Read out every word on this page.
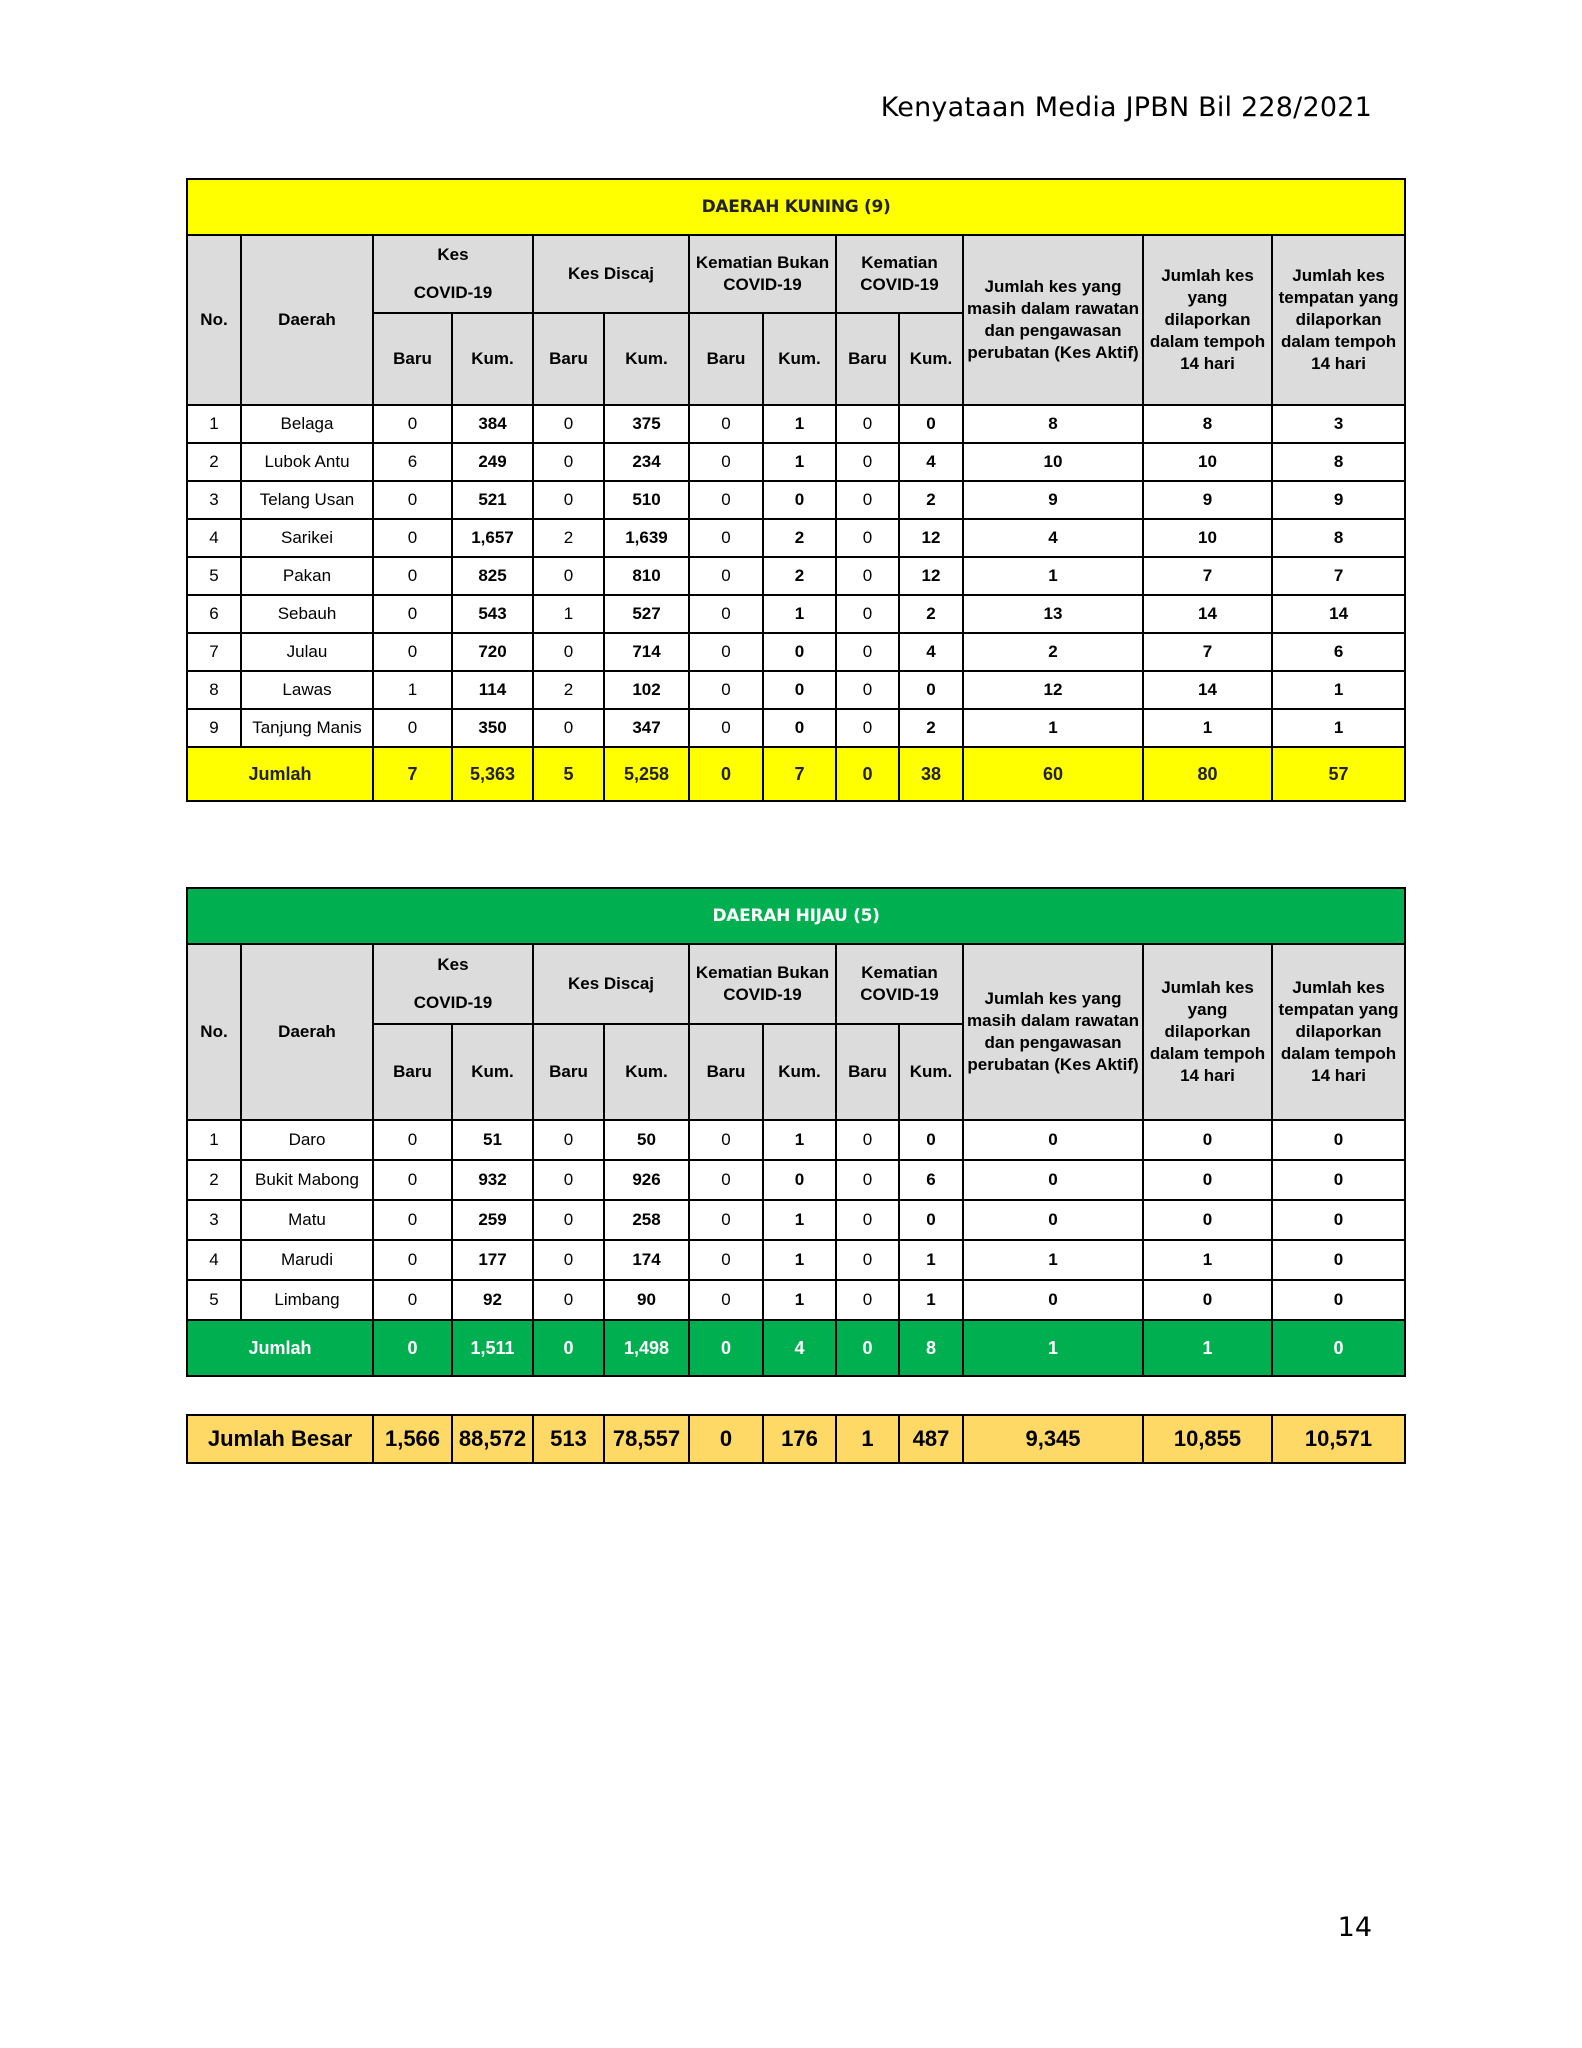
Kenyataan Media JPBN Bil 228/2021
DAERAH KUNING (9)												
No.	Daerah	Kes
COVID-19		Kes Discaj		Kematian Bukan COVID-19		Kematian COVID-19		Jumlah kes yang masih dalam rawatan dan pengawasan perubatan (Kes Aktif)	Jumlah kes yang dilaporkan dalam tempoh 14 hari	Jumlah kes tempatan yang dilaporkan dalam tempoh 14 hari
		Baru	Kum.	Baru	Kum.	Baru	Kum.	Baru	Kum.			
1	Belaga	0	384	0	375	0	1	0	0	8	8	3
2	Lubok Antu	6	249	0	234	0	1	0	4	10	10	8
3	Telang Usan	0	521	0	510	0	0	0	2	9	9	9
4	Sarikei	0	1,657	2	1,639	0	2	0	12	4	10	8
5	Pakan	0	825	0	810	0	2	0	12	1	7	7
6	Sebauh	0	543	1	527	0	1	0	2	13	14	14
7	Julau	0	720	0	714	0	0	0	4	2	7	6
8	Lawas	1	114	2	102	0	0	0	0	12	14	1
9	Tanjung Manis	0	350	0	347	0	0	0	2	1	1	1
Jumlah		7	5,363	5	5,258	0	7	0	38	60	80	57
DAERAH HIJAU (5)												
No.	Daerah	Kes
COVID-19		Kes Discaj		Kematian Bukan COVID-19		Kematian COVID-19		Jumlah kes yang masih dalam rawatan dan pengawasan perubatan (Kes Aktif)	Jumlah kes yang dilaporkan dalam tempoh 14 hari	Jumlah kes tempatan yang dilaporkan dalam tempoh 14 hari
		Baru	Kum.	Baru	Kum.	Baru	Kum.	Baru	Kum.			
1	Daro	0	51	0	50	0	1	0	0	0	0	0
2	Bukit Mabong	0	932	0	926	0	0	0	6	0	0	0
3	Matu	0	259	0	258	0	1	0	0	0	0	0
4	Marudi	0	177	0	174	0	1	0	1	1	1	0
5	Limbang	0	92	0	90	0	1	0	1	0	0	0
Jumlah		0	1,511	0	1,498	0	4	0	8	1	1	0
Jumlah Besar	1,566	88,572	513	78,557	0	176	1	487	9,345	10,855	10,571
14
